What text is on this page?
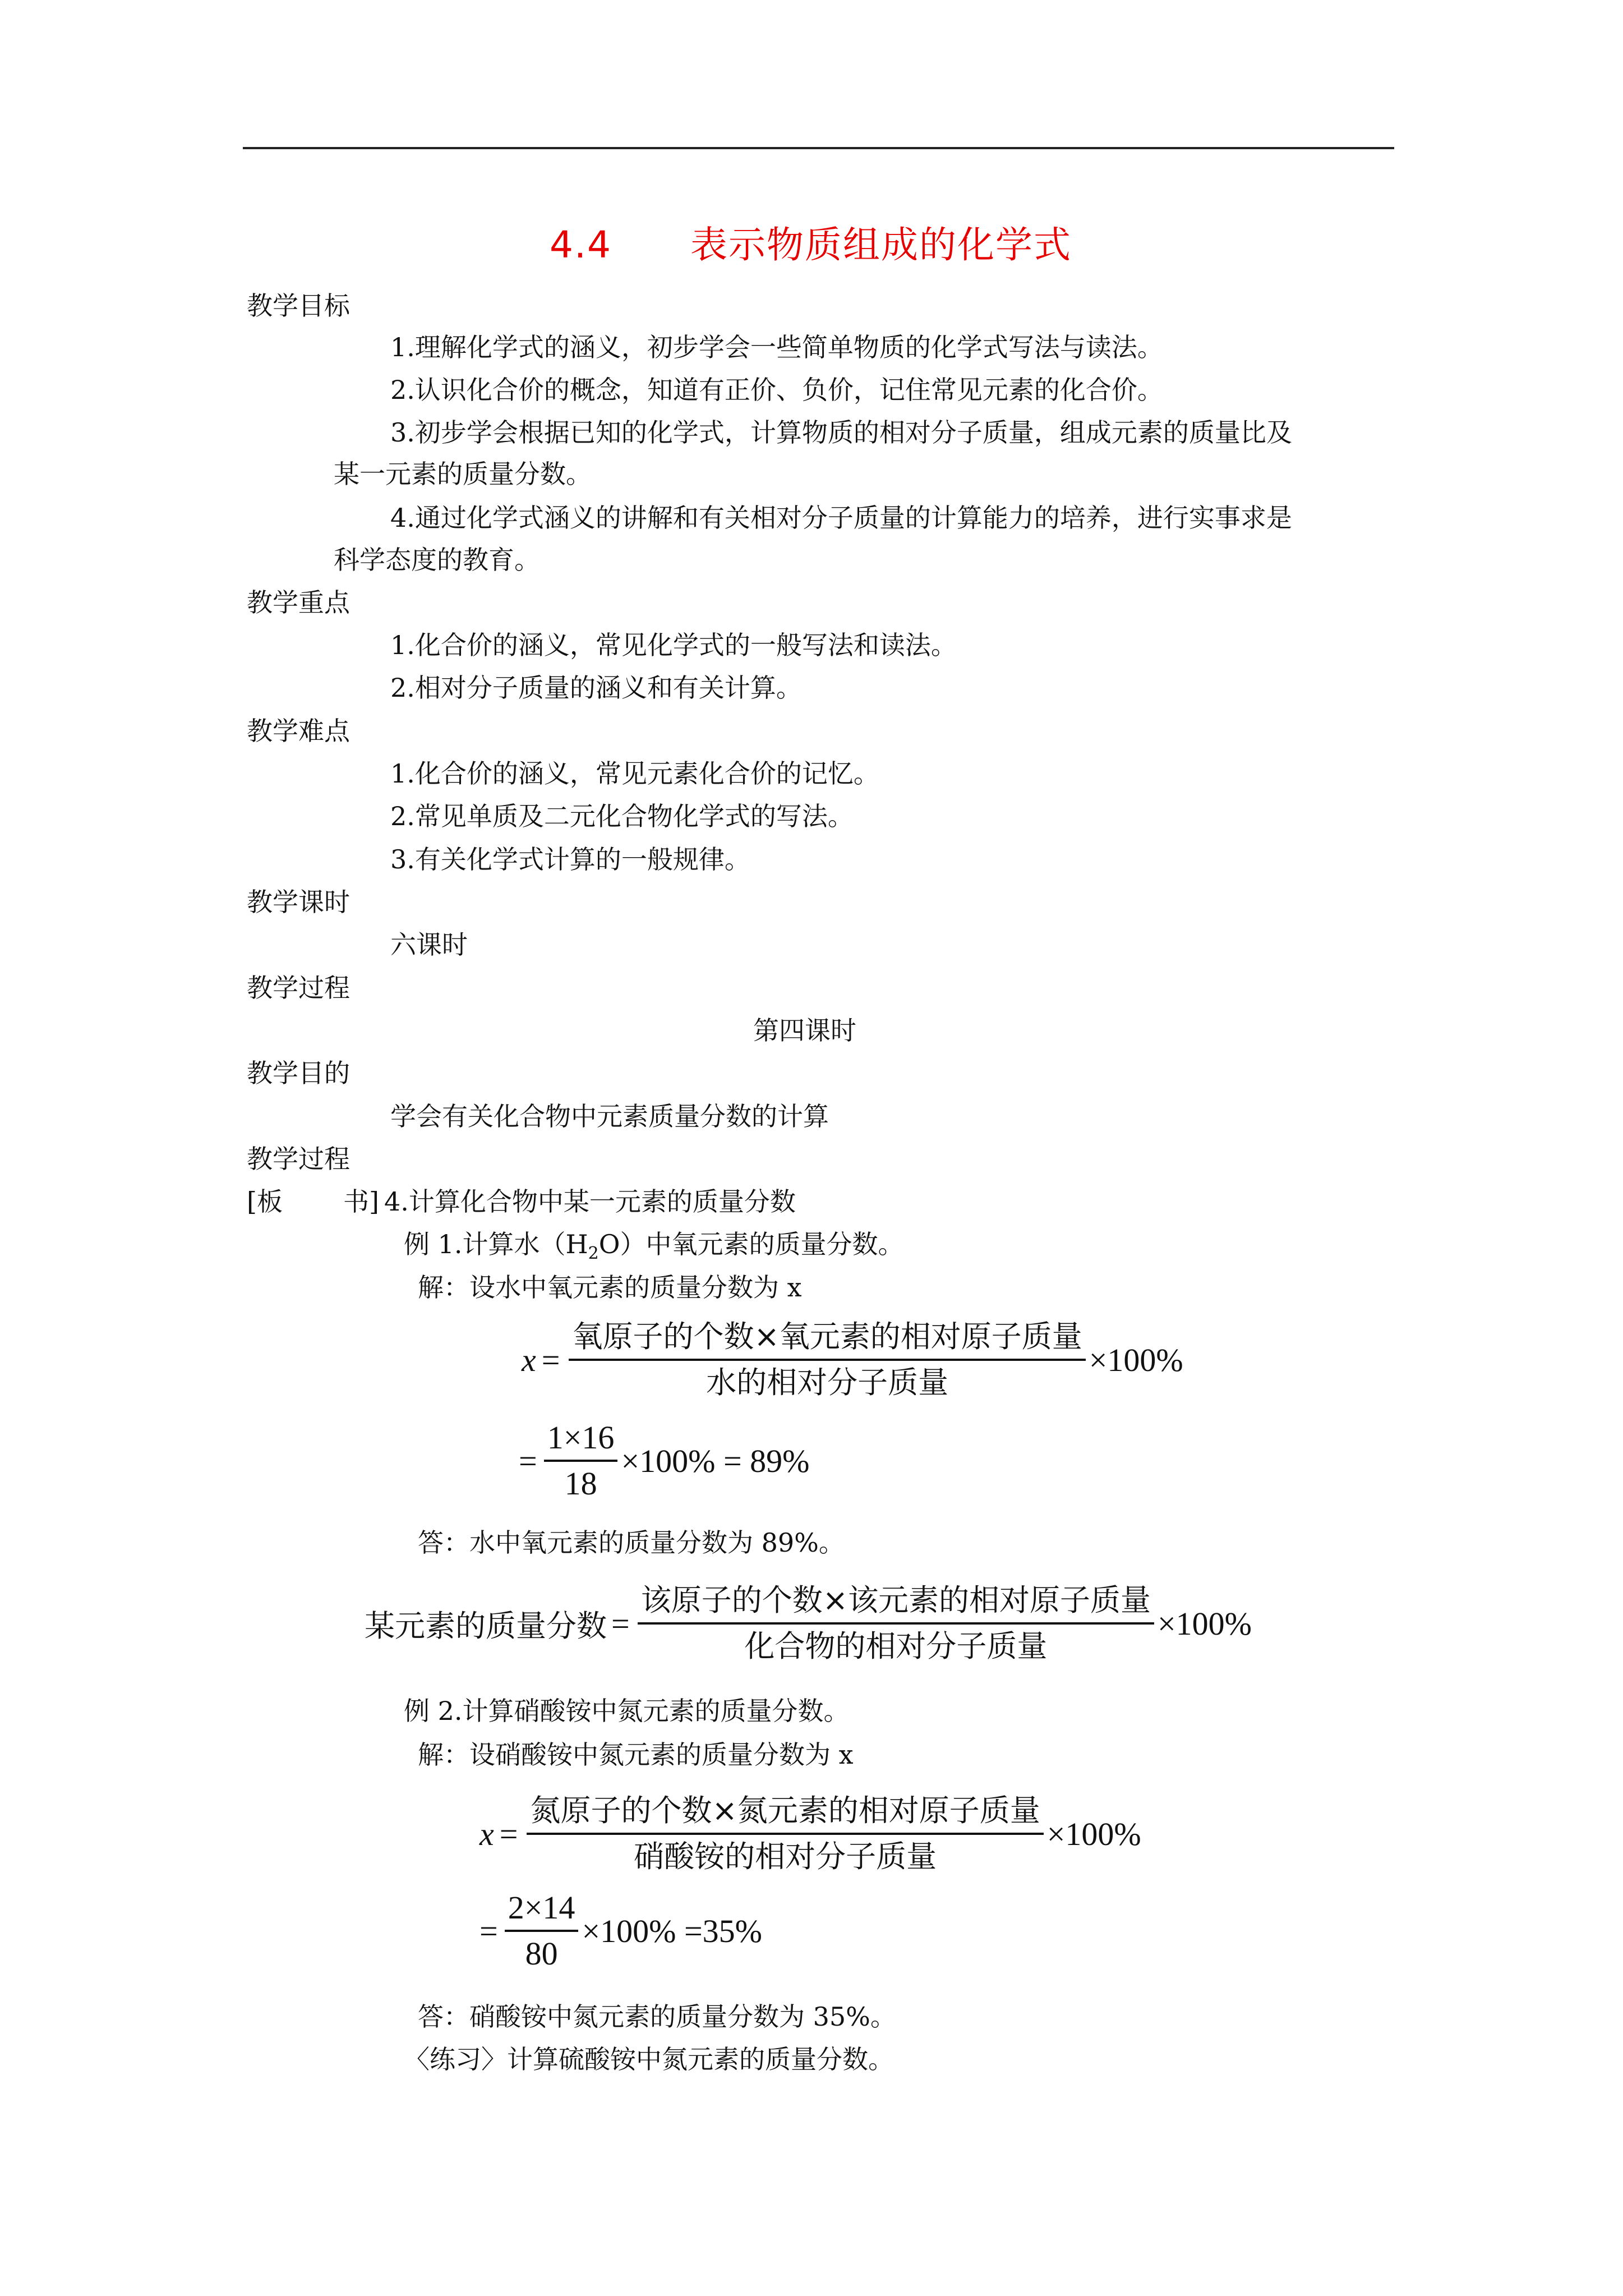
4.4 表示物质组成的化学式
教学目标
1.理解化学式的涵义，初步学会一些简单物质的化学式写法与读法。
2.认识化合价的概念，知道有正价、负价，记住常见元素的化合价。
3.初步学会根据已知的化学式，计算物质的相对分子质量，组成元素的质量比及
某一元素的质量分数。
4.通过化学式涵义的讲解和有关相对分子质量的计算能力的培养，进行实事求是
科学态度的教育。
教学重点
1.化合价的涵义，常见化学式的一般写法和读法。
2.相对分子质量的涵义和有关计算。
教学难点
1.化合价的涵义，常见元素化合价的记忆。
2.常见单质及二元化合物化学式的写法。
3.有关化学式计算的一般规律。
教学课时
六课时
教学过程
第四课时
教学目的
学会有关化合物中元素质量分数的计算
教学过程
[板 书] 4.计算化合物中某一元素的质量分数
例 1.计算水$(H_2O)$中氧元素的质量分数。
解：设水中氧元素的质量分数为 x
$x = \frac{\text{氧原子的个数×氧元素的相对原子质量}}{\text{水的相对分子质量}} \times 100\%$
= $\frac{1\times 16}{18} \times 100\% = 89\%$
答：水中氧元素的质量分数为 89%。
某元素的质量分数 = $\frac{\text{该原子的个数×该元素的相对原子质量}}{\text{化合物的相对分子质量}} \times 100\%$
例 2.计算硝酸铵中氮元素的质量分数。
解：设硝酸铵中氮元素的质量分数为 x
$x = \frac{\text{氮原子的个数×氮元素的相对原子质量}}{\text{硝酸铵的相对分子质量}} \times 100\%$
= $\frac{2\times 14}{80} \times 100\% =35\%$
答：硝酸铵中氮元素的质量分数为 35%。
〈练习〉计算硫酸铵中氮元素的质量分数。
